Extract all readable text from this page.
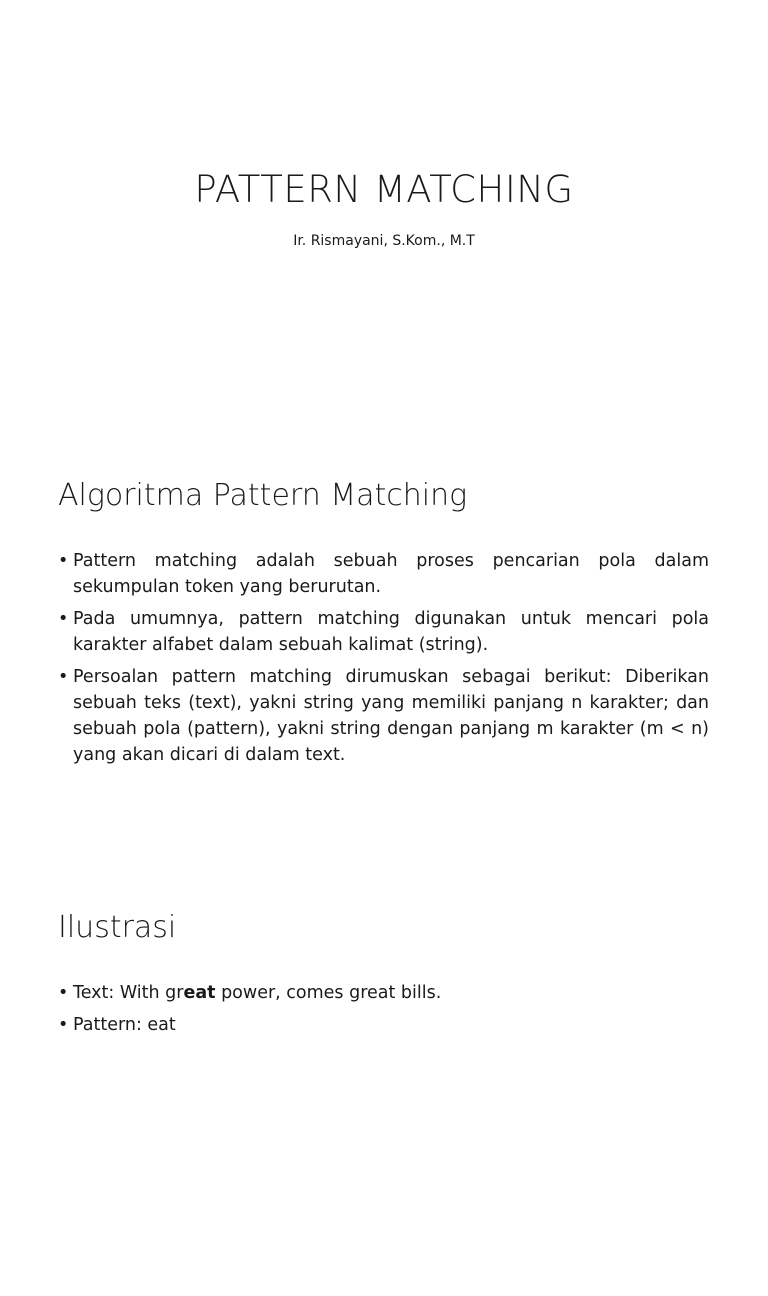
PATTERN MATCHING

Ir. Rismayani, S.Kom., M.T

Algoritma Pattern Matching
• Pattern matching adalah sebuah proses pencarian pola dalam sekumpulan token yang berurutan.
• Pada umumnya, pattern matching digunakan untuk mencari pola karakter alfabet dalam sebuah kalimat (string).
• Persoalan pattern matching dirumuskan sebagai berikut: Diberikan sebuah teks (text), yakni string yang memiliki panjang n karakter; dan sebuah pola (pattern), yakni string dengan panjang m karakter (m < n) yang akan dicari di dalam text.
Ilustrasi
• Text: With great power, comes great bills.
• Pattern: eat
